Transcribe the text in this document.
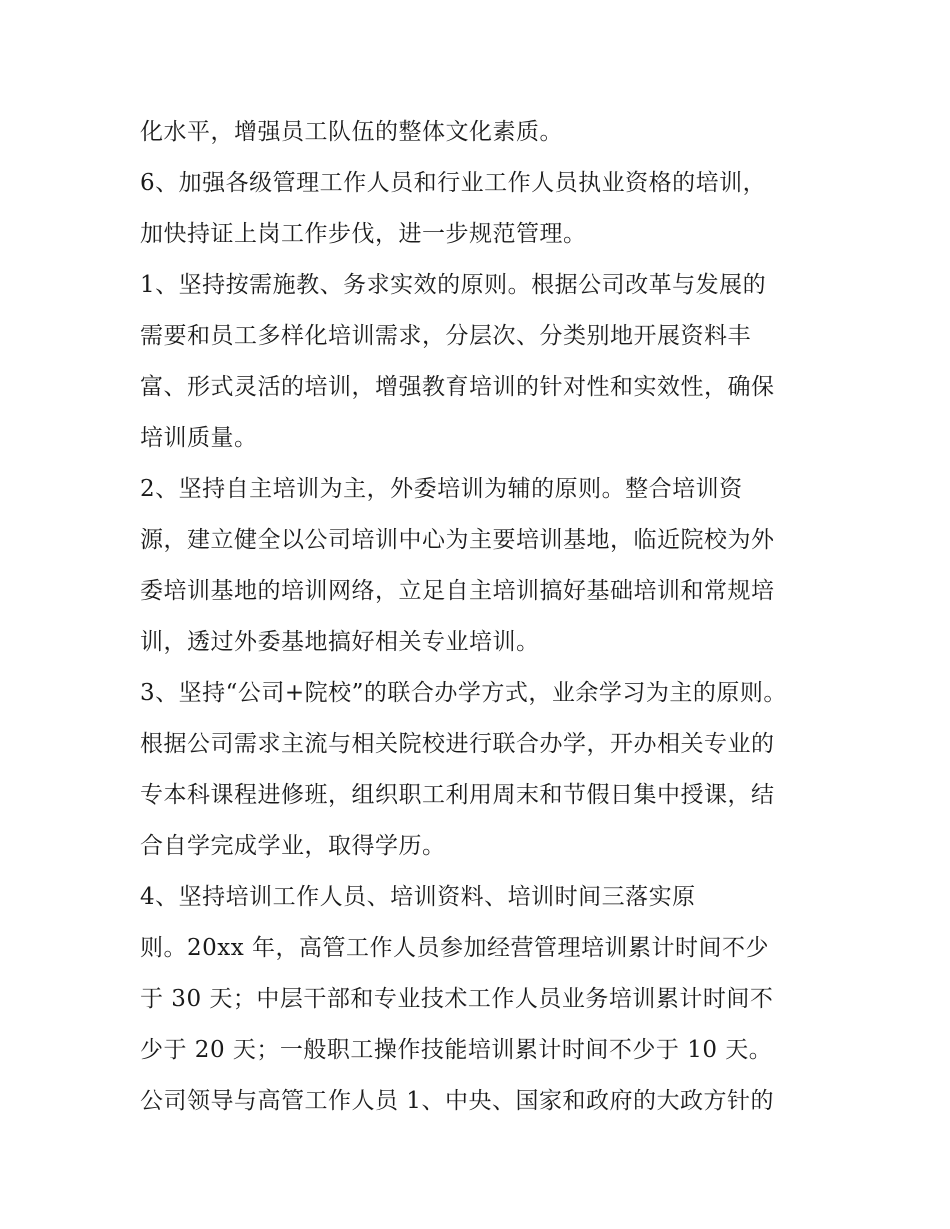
化水平，增强员工队伍的整体文化素质。
6、加强各级管理工作人员和行业工作人员执业资格的培训，
加快持证上岗工作步伐，进一步规范管理。
1、坚持按需施教、务求实效的原则。根据公司改革与发展的
需要和员工多样化培训需求，分层次、分类别地开展资料丰
富、形式灵活的培训，增强教育培训的针对性和实效性，确保
培训质量。
2、坚持自主培训为主，外委培训为辅的原则。整合培训资
源，建立健全以公司培训中心为主要培训基地，临近院校为外
委培训基地的培训网络，立足自主培训搞好基础培训和常规培
训，透过外委基地搞好相关专业培训。
3、坚持“公司+院校”的联合办学方式，业余学习为主的原则。
根据公司需求主流与相关院校进行联合办学，开办相关专业的
专本科课程进修班，组织职工利用周末和节假日集中授课，结
合自学完成学业，取得学历。
4、坚持培训工作人员、培训资料、培训时间三落实原
则。20xx 年，高管工作人员参加经营管理培训累计时间不少
于 30 天；中层干部和专业技术工作人员业务培训累计时间不
少于 20 天；一般职工操作技能培训累计时间不少于 10 天。
公司领导与高管工作人员 1、中央、国家和政府的大政方针的
